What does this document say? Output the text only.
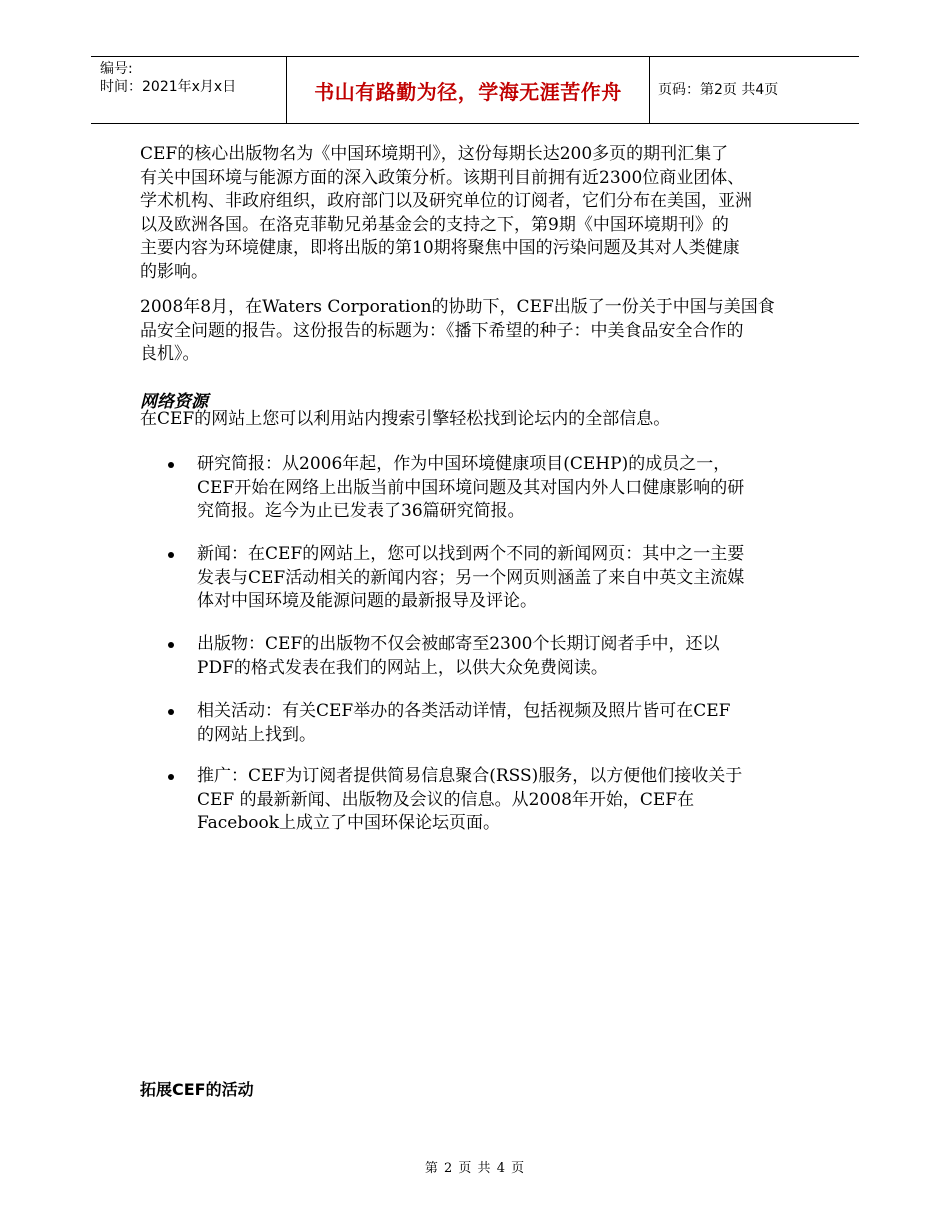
编号:
时间：2021年x月x日	书山有路勤为径，学海无涯苦作舟	页码：第2页 共4页
CEF的核心出版物名为《中国环境期刊》，这份每期长达200多页的期刊汇集了
有关中国环境与能源方面的深入政策分析。该期刊目前拥有近2300位商业团体、
学术机构、非政府组织，政府部门以及研究单位的订阅者，它们分布在美国，亚洲
以及欧洲各国。在洛克菲勒兄弟基金会的支持之下，第9期《中国环境期刊》的
主要内容为环境健康，即将出版的第10期将聚焦中国的污染问题及其对人类健康
的影响。
2008年8月，在Waters Corporation的协助下，CEF出版了一份关于中国与美国食
品安全问题的报告。这份报告的标题为：《播下希望的种子：中美食品安全合作的
良机》。
网络资源
在CEF的网站上您可以利用站内搜索引擎轻松找到论坛内的全部信息。
研究简报：从2006年起，作为中国环境健康项目(CEHP)的成员之一，
CEF开始在网络上出版当前中国环境问题及其对国内外人口健康影响的研
究简报。迄今为止已发表了36篇研究简报。
新闻：在CEF的网站上，您可以找到两个不同的新闻网页：其中之一主要
发表与CEF活动相关的新闻内容；另一个网页则涵盖了来自中英文主流媒
体对中国环境及能源问题的最新报导及评论。
出版物：CEF的出版物不仅会被邮寄至2300个长期订阅者手中，还以
PDF的格式发表在我们的网站上，以供大众免费阅读。
相关活动：有关CEF举办的各类活动详情，包括视频及照片皆可在CEF
的网站上找到。
推广：CEF为订阅者提供简易信息聚合(RSS)服务，以方便他们接收关于
CEF 的最新新闻、出版物及会议的信息。从2008年开始，CEF在
Facebook上成立了中国环保论坛页面。
拓展CEF的活动
第 2 页 共 4 页
